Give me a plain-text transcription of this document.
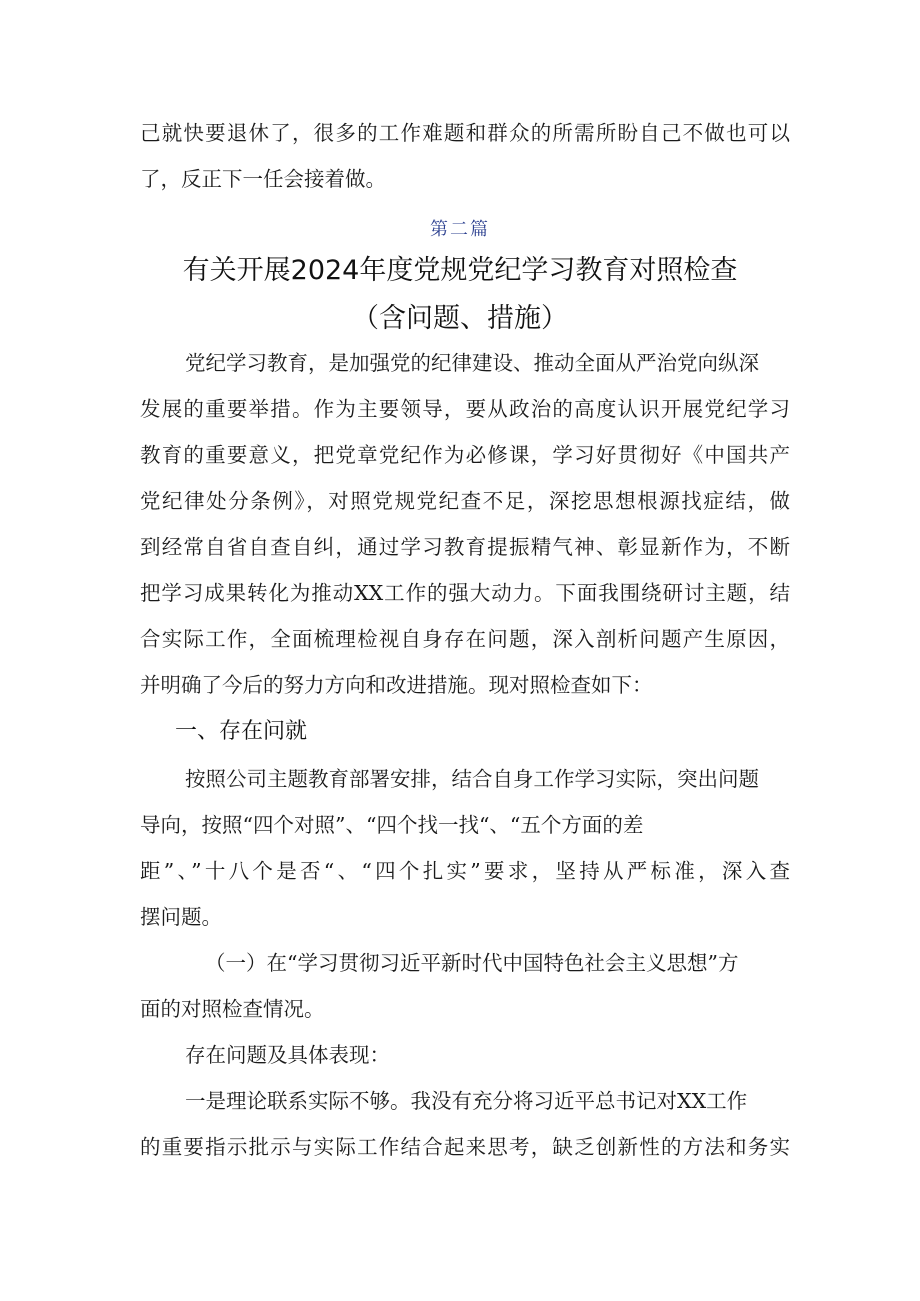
己就快要退休了，很多的工作难题和群众的所需所盼自己不做也可以
了，反正下一任会接着做。
第二篇
有关开展2024年度党规党纪学习教育对照检查
（含问题、措施）
党纪学习教育，是加强党的纪律建设、推动全面从严治党向纵深
发展的重要举措。作为主要领导，要从政治的高度认识开展党纪学习
教育的重要意义，把党章党纪作为必修课，学习好贯彻好《中国共产
党纪律处分条例》，对照党规党纪查不足，深挖思想根源找症结，做
到经常自省自查自纠，通过学习教育提振精气神、彰显新作为，不断
把学习成果转化为推动XX工作的强大动力。下面我围绕研讨主题，结
合实际工作，全面梳理检视自身存在问题，深入剖析问题产生原因，
并明确了今后的努力方向和改进措施。现对照检查如下：
一、存在问就
按照公司主题教育部署安排，结合自身工作学习实际，突出问题
导向，按照“四个对照”、“四个找一找“、“五个方面的差
距”、”十八个是否“、“四个扎实”要求，坚持从严标准，深入查
摆问题。
（一）在“学习贯彻习近平新时代中国特色社会主义思想”方
面的对照检查情况。
存在问题及具体表现：
一是理论联系实际不够。我没有充分将习近平总书记对XX工作
的重要指示批示与实际工作结合起来思考，缺乏创新性的方法和务实
